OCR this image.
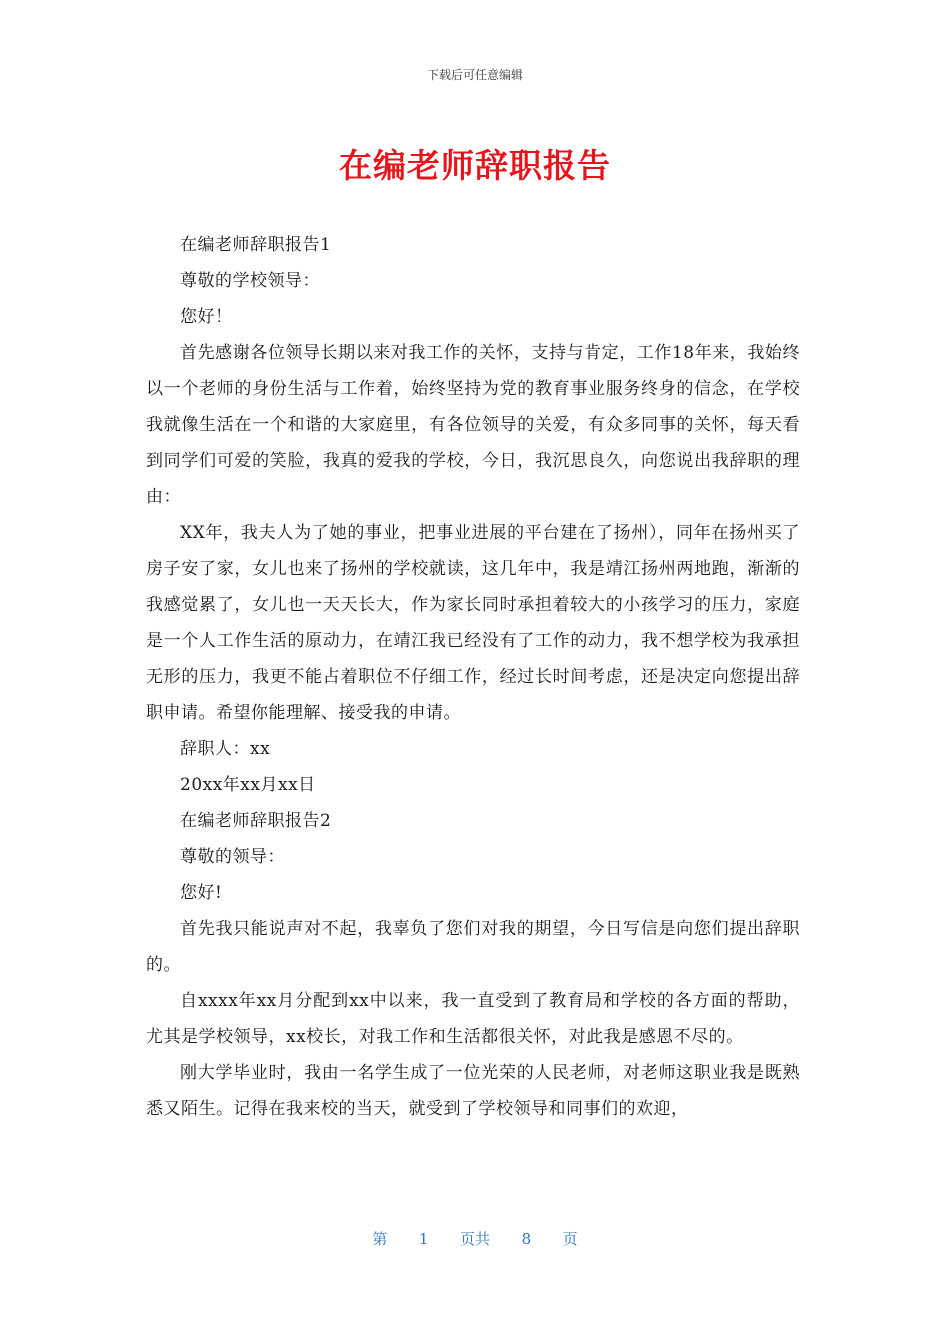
下载后可任意编辑
在编老师辞职报告

在编老师辞职报告1

尊敬的学校领导：

您好！

首先感谢各位领导长期以来对我工作的关怀，支持与肯定，工作18年来，我始终以一个老师的身份生活与工作着，始终坚持为党的教育事业服务终身的信念，在学校我就像生活在一个和谐的大家庭里，有各位领导的关爱，有众多同事的关怀，每天看到同学们可爱的笑脸，我真的爱我的学校，今日，我沉思良久，向您说出我辞职的理由：

XX年，我夫人为了她的事业，把事业进展的平台建在了扬州），同年在扬州买了房子安了家，女儿也来了扬州的学校就读，这几年中，我是靖江扬州两地跑，渐渐的我感觉累了，女儿也一天天长大，作为家长同时承担着较大的小孩学习的压力，家庭是一个人工作生活的原动力，在靖江我已经没有了工作的动力，我不想学校为我承担无形的压力，我更不能占着职位不仔细工作，经过长时间考虑，还是决定向您提出辞职申请。希望你能理解、接受我的申请。

辞职人：xx

20xx年xx月xx日

在编老师辞职报告2

尊敬的领导：

您好!

首先我只能说声对不起，我辜负了您们对我的期望，今日写信是向您们提出辞职的。

自xxxx年xx月分配到xx中以来，我一直受到了教育局和学校的各方面的帮助，尤其是学校领导，xx校长，对我工作和生活都很关怀，对此我是感恩不尽的。

刚大学毕业时，我由一名学生成了一位光荣的人民老师，对老师这职业我是既熟悉又陌生。记得在我来校的当天，就受到了学校领导和同事们的欢迎，

第 1 页共 8 页
